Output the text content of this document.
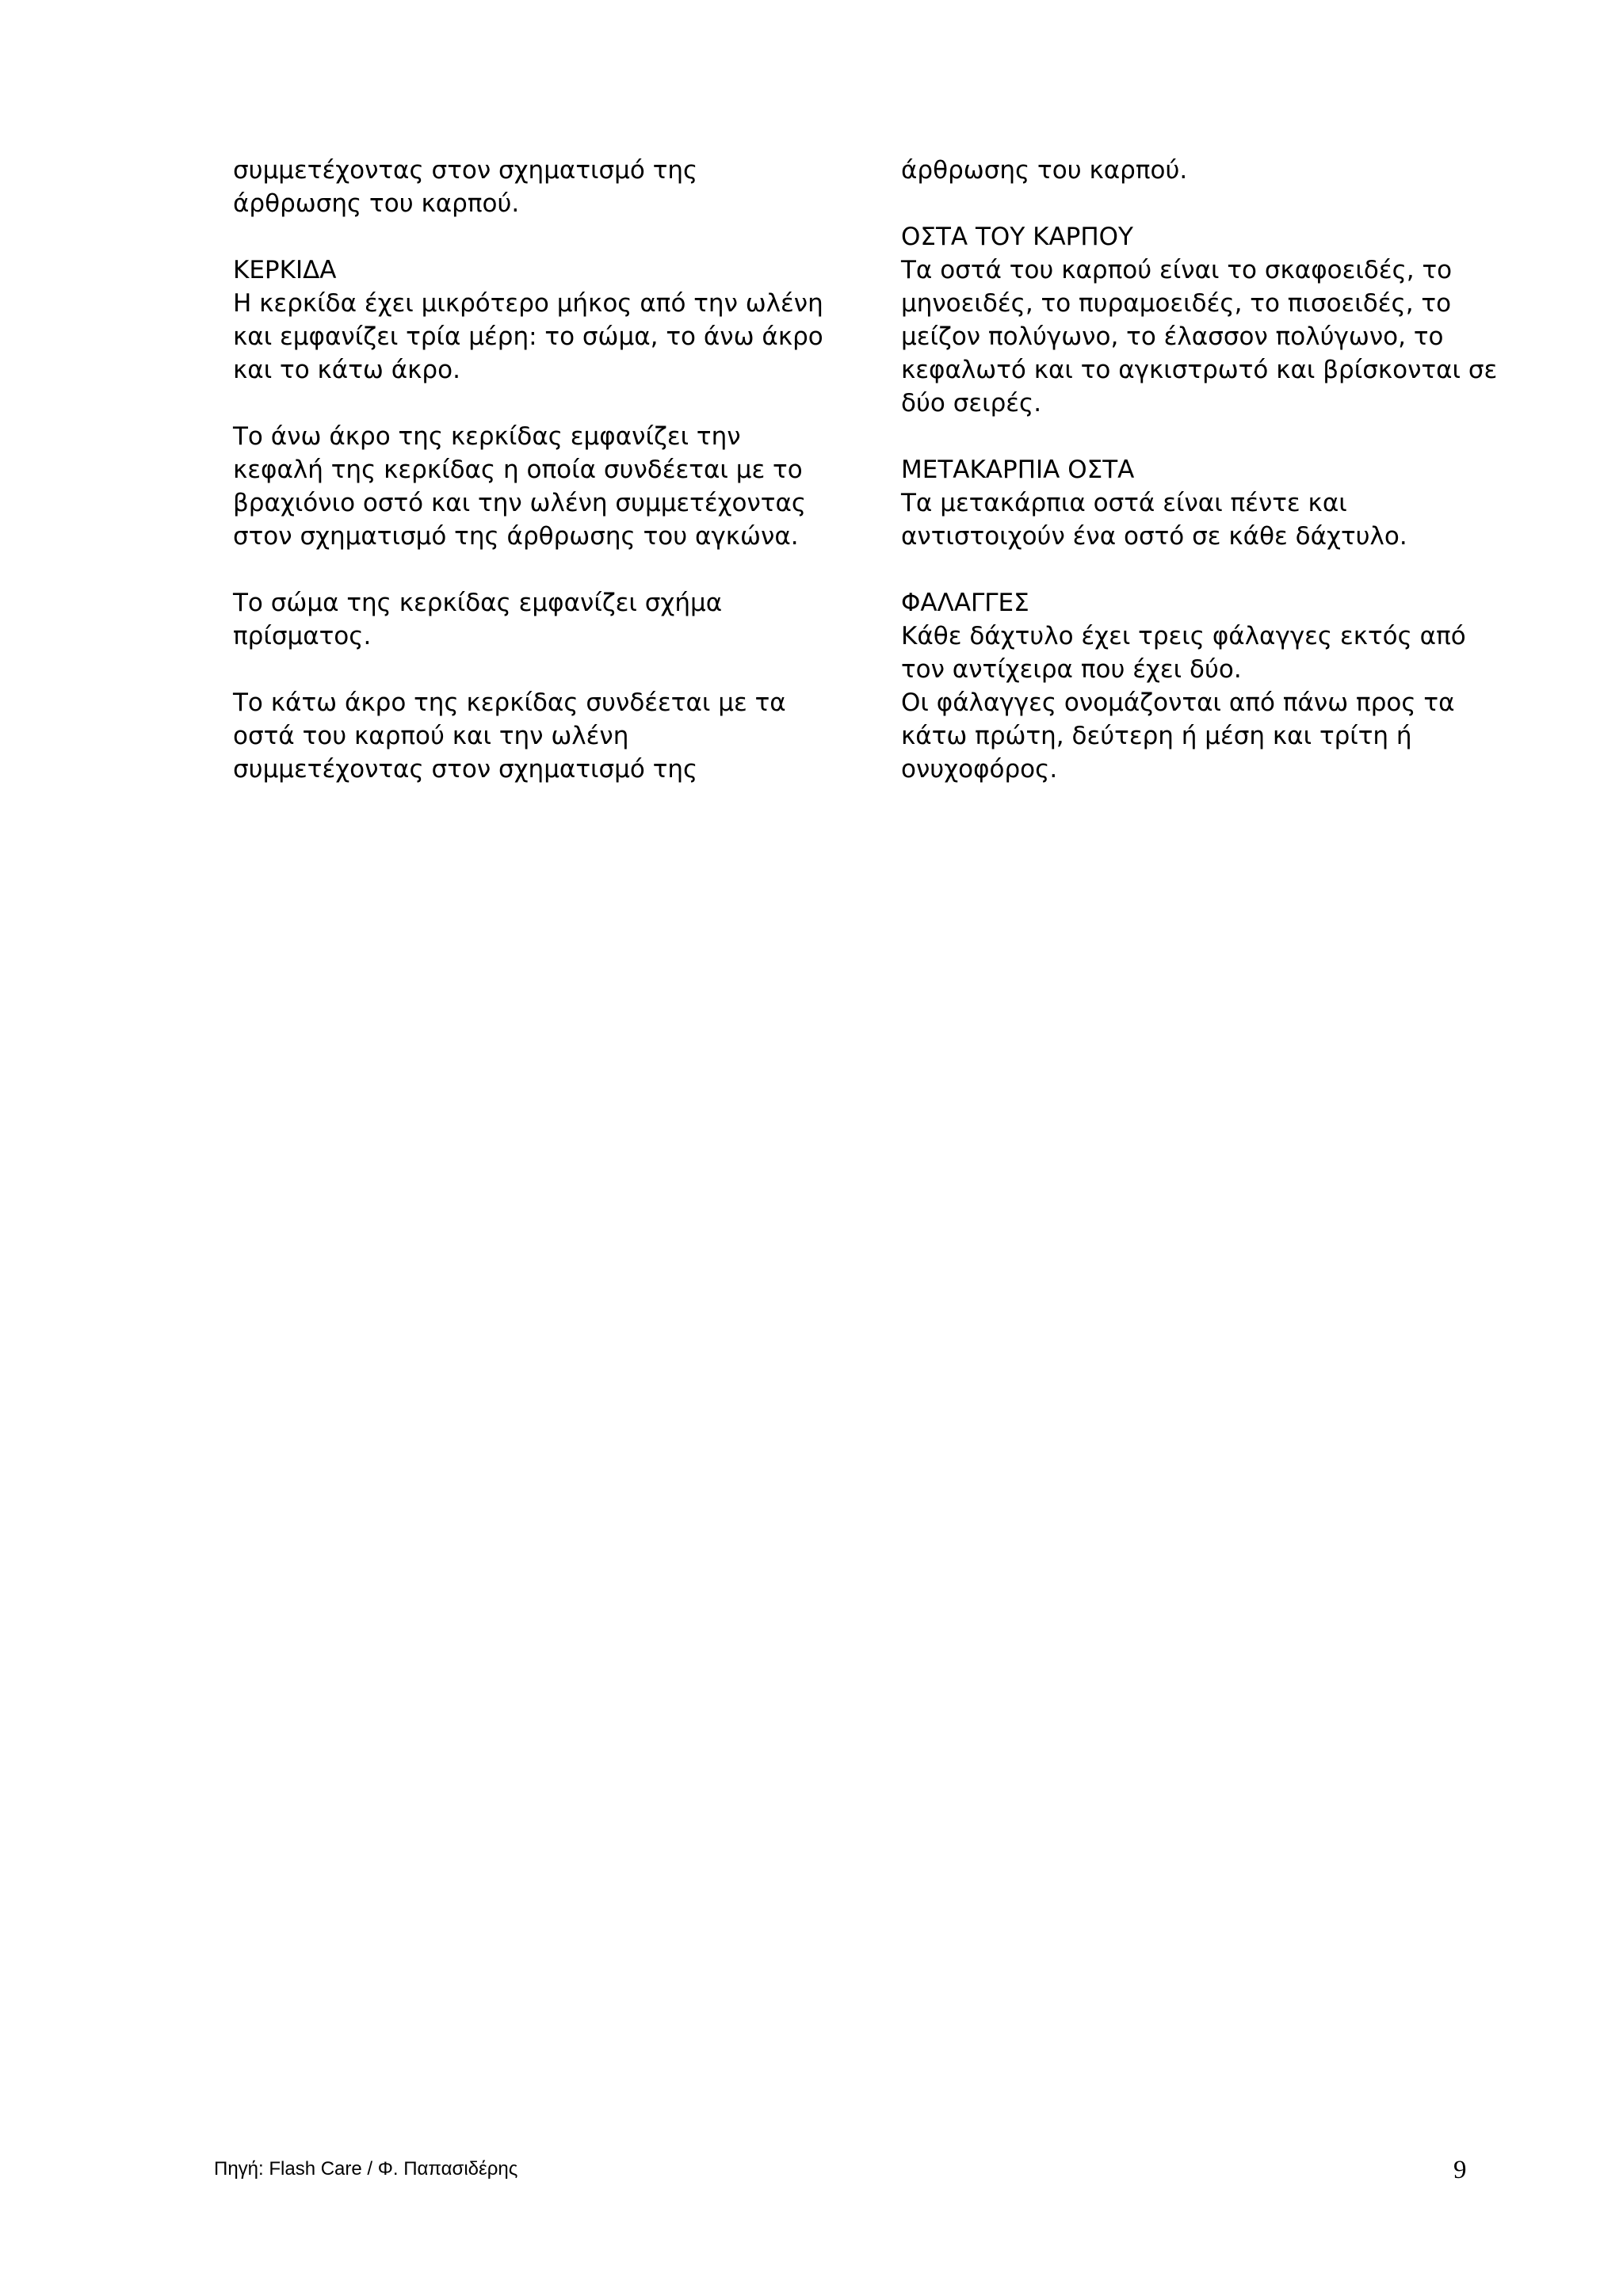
συμμετέχοντας στον σχηματισμό της
άρθρωσης του καρπού.
ΚΕΡΚΙΔΑ
Η κερκίδα έχει μικρότερο μήκος από την ωλένη
και εμφανίζει τρία μέρη: το σώμα, το άνω άκρο
και το κάτω άκρο.
Το άνω άκρο της κερκίδας εμφανίζει την
κεφαλή της κερκίδας η οποία συνδέεται με το
βραχιόνιο οστό και την ωλένη συμμετέχοντας
στον σχηματισμό της άρθρωσης του αγκώνα.
Το σώμα της κερκίδας εμφανίζει σχήμα
πρίσματος.
Το κάτω άκρο της κερκίδας συνδέεται με τα
οστά του καρπού και την ωλένη
συμμετέχοντας στον σχηματισμό της
άρθρωσης του καρπού.
ΟΣΤΑ ΤΟΥ ΚΑΡΠΟΥ
Τα οστά του καρπού είναι το σκαφοειδές, το
μηνοειδές, το πυραμοειδές, το πισοειδές, το
μείζον πολύγωνο, το έλασσον πολύγωνο, το
κεφαλωτό και το αγκιστρωτό και βρίσκονται σε
δύο σειρές.
ΜΕΤΑΚΑΡΠΙΑ ΟΣΤΑ
Τα μετακάρπια οστά είναι πέντε και
αντιστοιχούν ένα οστό σε κάθε δάχτυλο.
ΦΑΛΑΓΓΕΣ
Κάθε δάχτυλο έχει τρεις φάλαγγες εκτός από
τον αντίχειρα που έχει δύο.
Οι φάλαγγες ονομάζονται από πάνω προς τα
κάτω πρώτη, δεύτερη ή μέση και τρίτη ή
ονυχοφόρος.
Πηγή: Flash Care / Φ. Παπασιδέρης	9
